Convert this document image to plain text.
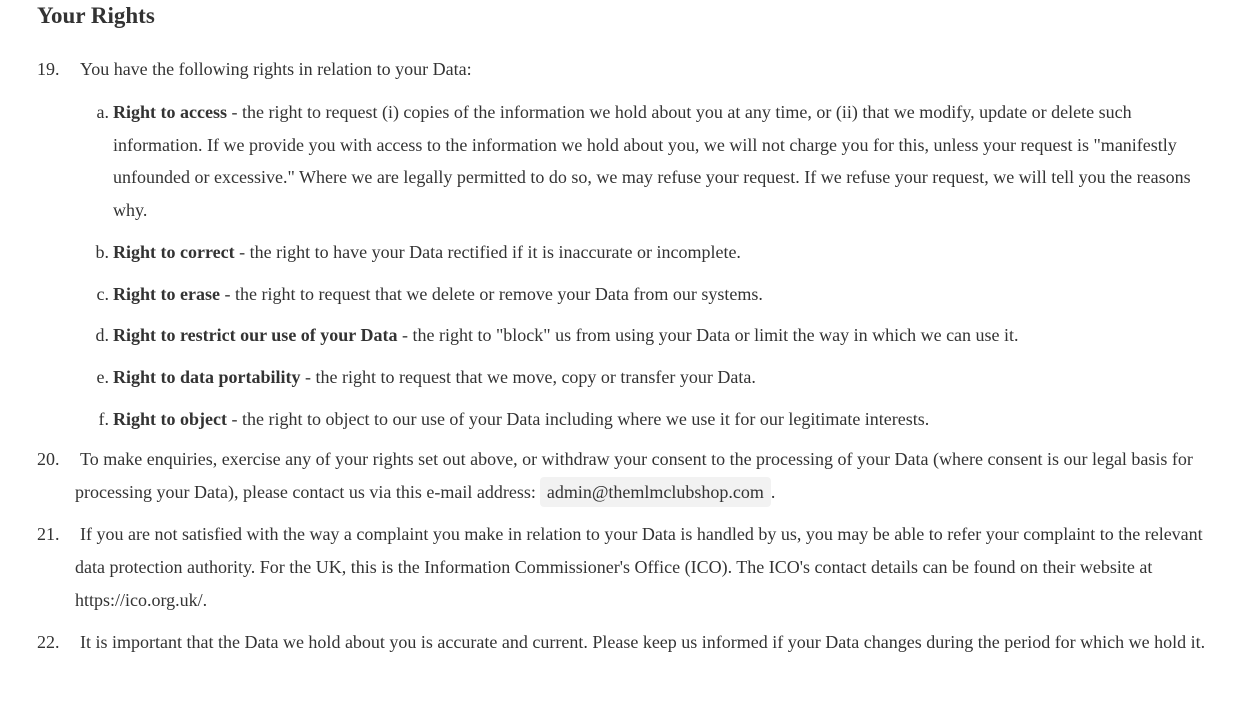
Your Rights
19. You have the following rights in relation to your Data:
a. Right to access - the right to request (i) copies of the information we hold about you at any time, or (ii) that we modify, update or delete such information. If we provide you with access to the information we hold about you, we will not charge you for this, unless your request is "manifestly unfounded or excessive." Where we are legally permitted to do so, we may refuse your request. If we refuse your request, we will tell you the reasons why.
b. Right to correct - the right to have your Data rectified if it is inaccurate or incomplete.
c. Right to erase - the right to request that we delete or remove your Data from our systems.
d. Right to restrict our use of your Data - the right to "block" us from using your Data or limit the way in which we can use it.
e. Right to data portability - the right to request that we move, copy or transfer your Data.
f. Right to object - the right to object to our use of your Data including where we use it for our legitimate interests.
20. To make enquiries, exercise any of your rights set out above, or withdraw your consent to the processing of your Data (where consent is our legal basis for processing your Data), please contact us via this e-mail address: admin@themlmclubshop.com .
21. If you are not satisfied with the way a complaint you make in relation to your Data is handled by us, you may be able to refer your complaint to the relevant data protection authority. For the UK, this is the Information Commissioner's Office (ICO). The ICO's contact details can be found on their website at https://ico.org.uk/.
22. It is important that the Data we hold about you is accurate and current. Please keep us informed if your Data changes during the period for which we hold it.
